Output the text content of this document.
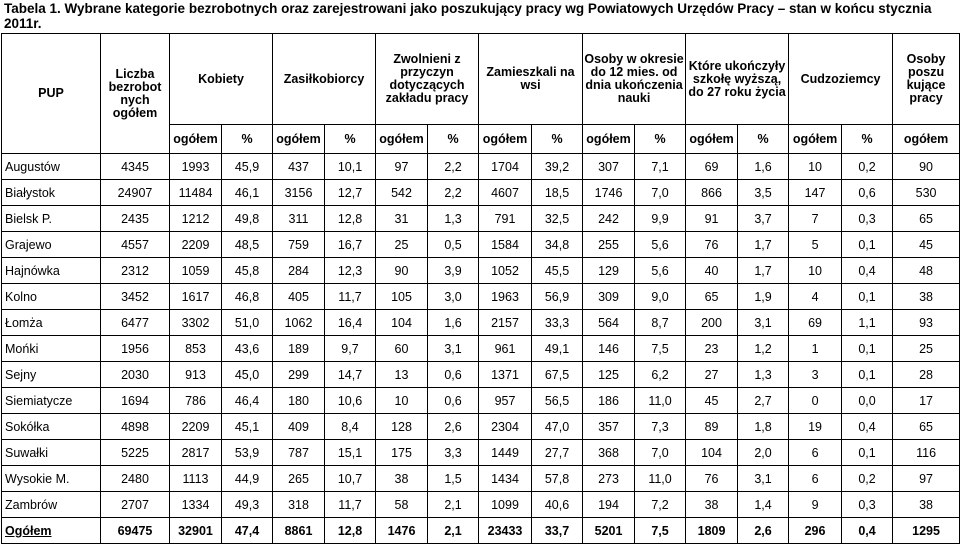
Tabela 1. Wybrane kategorie bezrobotnych oraz zarejestrowani jako poszukujący pracy wg Powiatowych Urzędów Pracy – stan w końcu stycznia 2011r.
PUP	Liczba bezrobot nych ogółem	Kobiety		Zasiłkobiorcy		Zwolnieni z przyczyn dotyczących zakładu pracy		Zamieszkali na wsi		Osoby w okresie do 12 mies. od dnia ukończenia nauki		Które ukończyły szkołę wyższą, do 27 roku życia		Cudzoziemcy		Osoby poszu kujące pracy
		ogółem	%	ogółem	%	ogółem	%	ogółem	%	ogółem	%	ogółem	%	ogółem	%	ogółem
Augustów	4345	1993	45,9	437	10,1	97	2,2	1704	39,2	307	7,1	69	1,6	10	0,2	90
Białystok	24907	11484	46,1	3156	12,7	542	2,2	4607	18,5	1746	7,0	866	3,5	147	0,6	530
Bielsk P.	2435	1212	49,8	311	12,8	31	1,3	791	32,5	242	9,9	91	3,7	7	0,3	65
Grajewo	4557	2209	48,5	759	16,7	25	0,5	1584	34,8	255	5,6	76	1,7	5	0,1	45
Hajnówka	2312	1059	45,8	284	12,3	90	3,9	1052	45,5	129	5,6	40	1,7	10	0,4	48
Kolno	3452	1617	46,8	405	11,7	105	3,0	1963	56,9	309	9,0	65	1,9	4	0,1	38
Łomża	6477	3302	51,0	1062	16,4	104	1,6	2157	33,3	564	8,7	200	3,1	69	1,1	93
Mońki	1956	853	43,6	189	9,7	60	3,1	961	49,1	146	7,5	23	1,2	1	0,1	25
Sejny	2030	913	45,0	299	14,7	13	0,6	1371	67,5	125	6,2	27	1,3	3	0,1	28
Siemiatycze	1694	786	46,4	180	10,6	10	0,6	957	56,5	186	11,0	45	2,7	0	0,0	17
Sokółka	4898	2209	45,1	409	8,4	128	2,6	2304	47,0	357	7,3	89	1,8	19	0,4	65
Suwałki	5225	2817	53,9	787	15,1	175	3,3	1449	27,7	368	7,0	104	2,0	6	0,1	116
Wysokie M.	2480	1113	44,9	265	10,7	38	1,5	1434	57,8	273	11,0	76	3,1	6	0,2	97
Zambrów	2707	1334	49,3	318	11,7	58	2,1	1099	40,6	194	7,2	38	1,4	9	0,3	38
Ogółem	69475	32901	47,4	8861	12,8	1476	2,1	23433	33,7	5201	7,5	1809	2,6	296	0,4	1295
